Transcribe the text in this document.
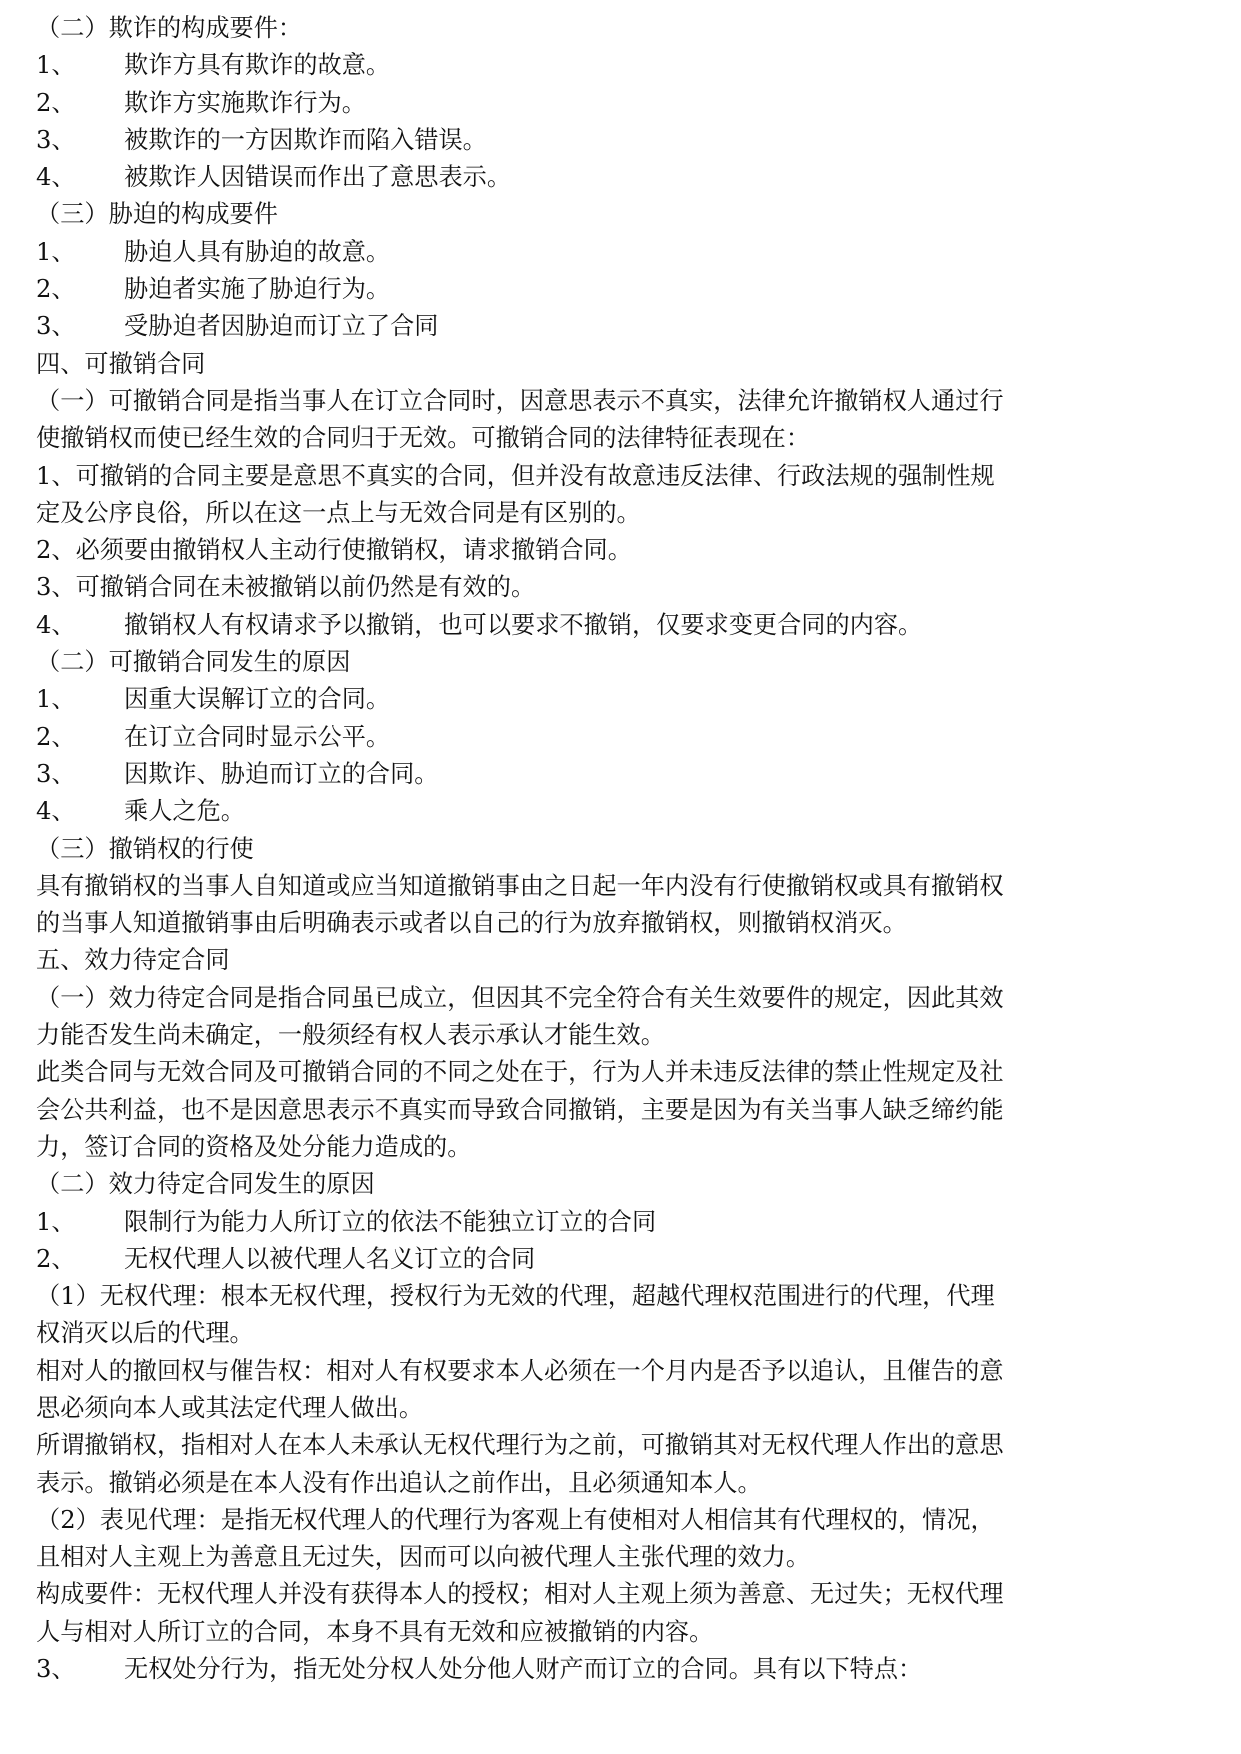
（二）欺诈的构成要件：
1、 欺诈方具有欺诈的故意。
2、 欺诈方实施欺诈行为。
3、 被欺诈的一方因欺诈而陷入错误。
4、 被欺诈人因错误而作出了意思表示。
（三）胁迫的构成要件
1、 胁迫人具有胁迫的故意。
2、 胁迫者实施了胁迫行为。
3、 受胁迫者因胁迫而订立了合同
四、可撤销合同
（一）可撤销合同是指当事人在订立合同时，因意思表示不真实，法律允许撤销权人通过行
使撤销权而使已经生效的合同归于无效。可撤销合同的法律特征表现在：
1、可撤销的合同主要是意思不真实的合同，但并没有故意违反法律、行政法规的强制性规
定及公序良俗，所以在这一点上与无效合同是有区别的。
2、必须要由撤销权人主动行使撤销权，请求撤销合同。
3、可撤销合同在未被撤销以前仍然是有效的。
4、 撤销权人有权请求予以撤销，也可以要求不撤销，仅要求变更合同的内容。
（二）可撤销合同发生的原因
1、 因重大误解订立的合同。
2、 在订立合同时显示公平。
3、 因欺诈、胁迫而订立的合同。
4、 乘人之危。
（三）撤销权的行使
具有撤销权的当事人自知道或应当知道撤销事由之日起一年内没有行使撤销权或具有撤销权
的当事人知道撤销事由后明确表示或者以自己的行为放弃撤销权，则撤销权消灭。
五、效力待定合同
（一）效力待定合同是指合同虽已成立，但因其不完全符合有关生效要件的规定，因此其效
力能否发生尚未确定，一般须经有权人表示承认才能生效。
此类合同与无效合同及可撤销合同的不同之处在于，行为人并未违反法律的禁止性规定及社
会公共利益，也不是因意思表示不真实而导致合同撤销，主要是因为有关当事人缺乏缔约能
力，签订合同的资格及处分能力造成的。
（二）效力待定合同发生的原因
1、 限制行为能力人所订立的依法不能独立订立的合同
2、 无权代理人以被代理人名义订立的合同
（1）无权代理：根本无权代理，授权行为无效的代理，超越代理权范围进行的代理，代理
权消灭以后的代理。
相对人的撤回权与催告权：相对人有权要求本人必须在一个月内是否予以追认，且催告的意
思必须向本人或其法定代理人做出。
所谓撤销权，指相对人在本人未承认无权代理行为之前，可撤销其对无权代理人作出的意思
表示。撤销必须是在本人没有作出追认之前作出，且必须通知本人。
（2）表见代理：是指无权代理人的代理行为客观上有使相对人相信其有代理权的，情况，
且相对人主观上为善意且无过失，因而可以向被代理人主张代理的效力。
构成要件：无权代理人并没有获得本人的授权；相对人主观上须为善意、无过失；无权代理
人与相对人所订立的合同，本身不具有无效和应被撤销的内容。
3、 无权处分行为，指无处分权人处分他人财产而订立的合同。具有以下特点：
